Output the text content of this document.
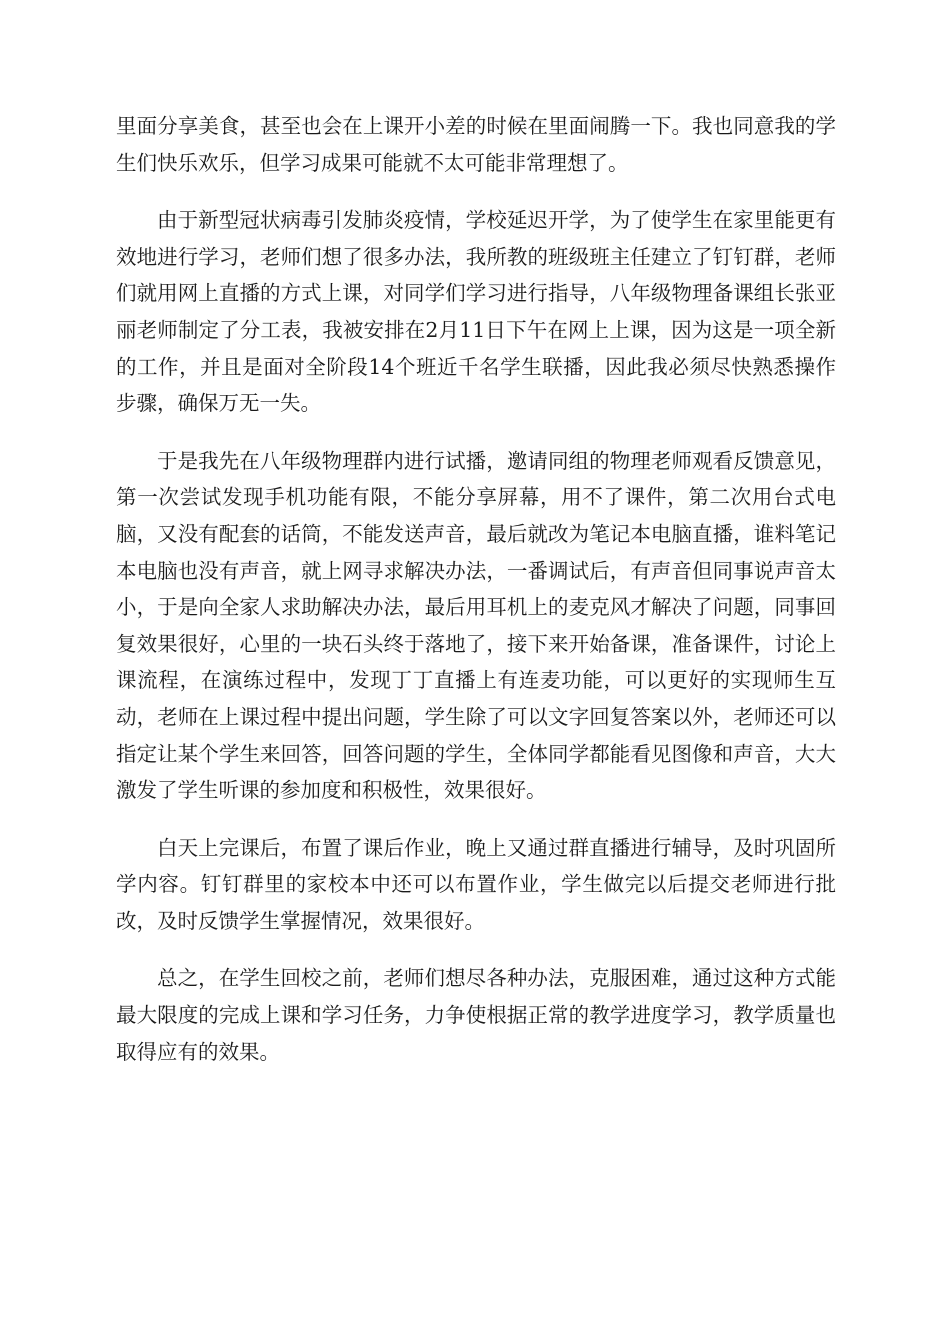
里面分享美食，甚至也会在上课开小差的时候在里面闹腾一下。我也同意我的学生们快乐欢乐，但学习成果可能就不太可能非常理想了。

由于新型冠状病毒引发肺炎疫情，学校延迟开学，为了使学生在家里能更有效地进行学习，老师们想了很多办法，我所教的班级班主任建立了钉钉群，老师们就用网上直播的方式上课，对同学们学习进行指导，八年级物理备课组长张亚丽老师制定了分工表，我被安排在2月11日下午在网上上课，因为这是一项全新的工作，并且是面对全阶段14个班近千名学生联播，因此我必须尽快熟悉操作步骤，确保万无一失。

于是我先在八年级物理群内进行试播，邀请同组的物理老师观看反馈意见，第一次尝试发现手机功能有限，不能分享屏幕，用不了课件，第二次用台式电脑，又没有配套的话筒，不能发送声音，最后就改为笔记本电脑直播，谁料笔记本电脑也没有声音，就上网寻求解决办法，一番调试后，有声音但同事说声音太小，于是向全家人求助解决办法，最后用耳机上的麦克风才解决了问题，同事回复效果很好，心里的一块石头终于落地了，接下来开始备课，准备课件，讨论上课流程，在演练过程中，发现丁丁直播上有连麦功能，可以更好的实现师生互动，老师在上课过程中提出问题，学生除了可以文字回复答案以外，老师还可以指定让某个学生来回答，回答问题的学生，全体同学都能看见图像和声音，大大激发了学生听课的参加度和积极性，效果很好。

白天上完课后，布置了课后作业，晚上又通过群直播进行辅导，及时巩固所学内容。钉钉群里的家校本中还可以布置作业，学生做完以后提交老师进行批改，及时反馈学生掌握情况，效果很好。

总之，在学生回校之前，老师们想尽各种办法，克服困难，通过这种方式能最大限度的完成上课和学习任务，力争使根据正常的教学进度学习，教学质量也取得应有的效果。
